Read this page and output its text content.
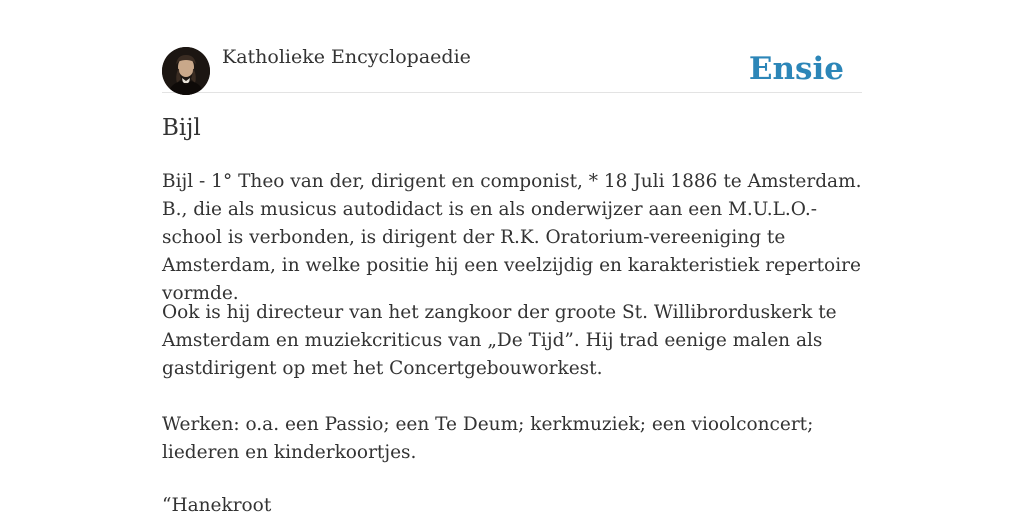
Katholieke Encyclopaedie	Ensie
Bijl
Bijl - 1° Theo van der, dirigent en componist, * 18 Juli 1886 te Amsterdam. B., die als musicus autodidact is en als onderwijzer aan een M.U.L.O.-school is verbonden, is dirigent der R.K. Oratorium-vereeniging te Amsterdam, in welke positie hij een veelzijdig en karakteristiek repertoire vormde.
Ook is hij directeur van het zangkoor der groote St. Willibrorduskerk te Amsterdam en muziekcriticus van „De Tijd”. Hij trad eenige malen als gastdirigent op met het Concertgebouworkest.
Werken: o.a. een Passio; een Te Deum; kerkmuziek; een vioolconcert; liederen en kinderkoortjes.
“Hanekroot
